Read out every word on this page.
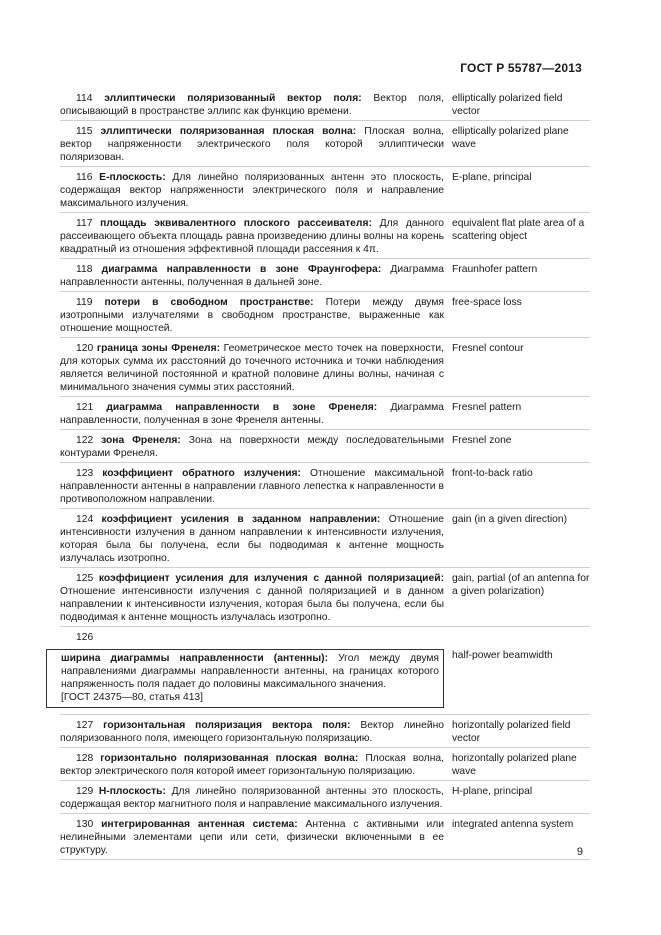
ГОСТ Р 55787—2013
114 эллиптически поляризованный вектор поля: Вектор поля, описывающий в пространстве эллипс как функцию времени.
elliptically polarized field vector
115 эллиптически поляризованная плоская волна: Плоская волна, вектор напряженности электрического поля которой эллиптически поляризован.
elliptically polarized plane wave
116 Е-плоскость: Для линейно поляризованных антенн это плоскость, содержащая вектор напряженности электрического поля и направление максимального излучения.
E-plane, principal
117 площадь эквивалентного плоского рассеивателя: Для данного рассеивающего объекта площадь равна произведению длины волны на корень квадратный из отношения эффективной площади рассеяния к 4π.
equivalent flat plate area of a scattering object
118 диаграмма направленности в зоне Фраунгофера: Диаграмма направленности антенны, полученная в дальней зоне.
Fraunhofer pattern
119 потери в свободном пространстве: Потери между двумя изотропными излучателями в свободном пространстве, выраженные как отношение мощностей.
free-space loss
120 граница зоны Френеля: Геометрическое место точек на поверхности, для которых сумма их расстояний до точечного источника и точки наблюдения является величиной постоянной и кратной половине длины волны, начиная с минимального значения суммы этих расстояний.
Fresnel contour
121 диаграмма направленности в зоне Френеля: Диаграмма направленности, полученная в зоне Френеля антенны.
Fresnel pattern
122 зона Френеля: Зона на поверхности между последовательными контурами Френеля.
Fresnel zone
123 коэффициент обратного излучения: Отношение максимальной направленности антенны в направлении главного лепестка к направленности в противоположном направлении.
front-to-back ratio
124 коэффициент усиления в заданном направлении: Отношение интенсивности излучения в данном направлении к интенсивности излучения, которая была бы получена, если бы подводимая к антенне мощность излучалась изотропно.
gain (in a given direction)
125 коэффициент усиления для излучения с данной поляризацией: Отношение интенсивности излучения с данной поляризацией и в данном направлении к интенсивности излучения, которая была бы получена, если бы подводимая к антенне мощность излучалась изотропно.
gain, partial (of an antenna for a given polarization)
126
ширина диаграммы направленности (антенны): Угол между двумя направлениями диаграммы направленности антенны, на границах которого напряженность поля падает до половины максимального значения.
[ГОСТ 24375—80, статья 413]
half-power beamwidth
127 горизонтальная поляризация вектора поля: Вектор линейно поляризованного поля, имеющего горизонтальную поляризацию.
horizontally polarized field vector
128 горизонтально поляризованная плоская волна: Плоская волна, вектор электрического поля которой имеет горизонтальную поляризацию.
horizontally polarized plane wave
129 Н-плоскость: Для линейно поляризованной антенны это плоскость, содержащая вектор магнитного поля и направление максимального излучения.
H-plane, principal
130 интегрированная антенная система: Антенна с активными или нелинейными элементами цепи или сети, физически включенными в ее структуру.
integrated antenna system
9
